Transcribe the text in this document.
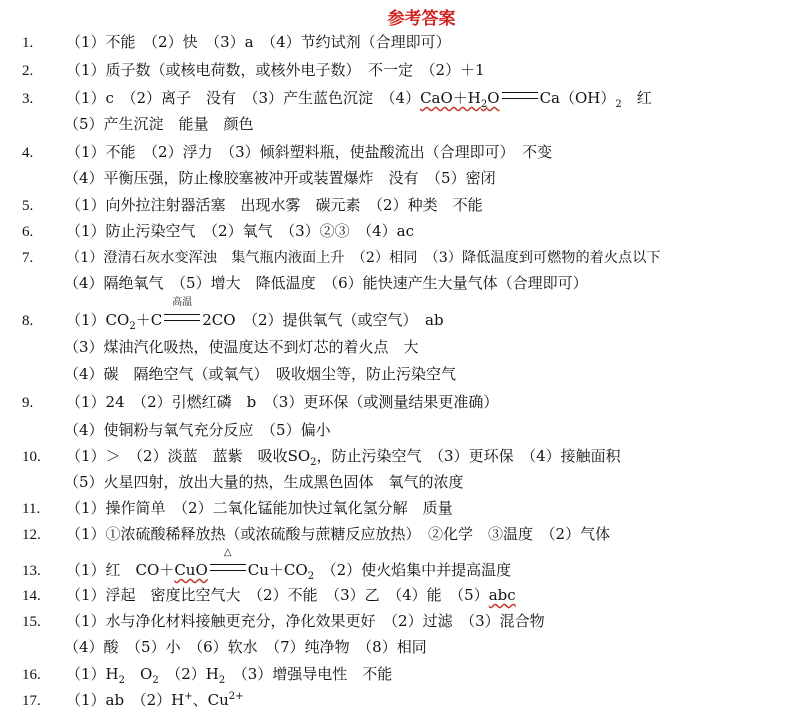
参考答案
1. （1）不能　（2）快　（3）a　（4）节约试剂（合理即可）
2. （1）质子数（或核电荷数，或核外电子数）　不一定　（2）＋1
3. （1）c　（2）离子　没有　（3）产生蓝色沉淀　$(4)CaO+H_2O$	$Ca(OH)_2$　红
（5）产生沉淀　能量　颜色
4. （1）不能　（2）浮力　（3）倾斜塑料瓶，使盐酸流出（合理即可）　不变
（4）平衡压强，防止橡胶塞被冲开或装置爆炸　没有　（5）密闭
5. （1）向外拉注射器活塞　出现水雾　碳元素　（2）种类　不能
6. （1）防止污染空气　（2）氧气　（3）②③　（4）ac
7. （1）澄清石灰水变浑浊　集气瓶内液面上升　（2）相同　（3）降低温度到可燃物的着火点以下
（4）隔绝氧气　（5）增大　降低温度　（6）能快速产生大量气体（合理即可）
8. $(1)CO_2+C$
高温
2CO　（2）提供氧气（或空气）　ab
（3）煤油汽化吸热，使温度达不到灯芯的着火点　大
（4）碳　隔绝空气（或氧气）　吸收烟尘等，防止污染空气
9. （1）24　（2）引燃红磷　b　（3）更环保（或测量结果更准确）
（4）使铜粉与氧气充分反应　（5）偏小
10. （1）＞　（2）淡蓝　蓝紫　吸收$SO_2$，防止污染空气　（3）更环保　（4）接触面积
（5）火星四射，放出大量的热，生成黑色固体　氧气的浓度
11. （1）操作简单　（2）二氧化锰能加快过氧化氢分解　质量
12. （1）①浓硫酸稀释放热（或浓硫酸与蔗糖反应放热）　②化学　③温度　（2）气体
13. （1）红　CO＋CuO
△
$Cu+CO_2$　（2）使火焰集中并提高温度
14. （1）浮起　密度比空气大　（2）不能　（3）乙　（4）能　（5）abc
15. （1）水与净化材料接触更充分，净化效果更好　（2）过滤　（3）混合物
（4）酸　（5）小　（6）软水　（7）纯净物　（8）相同
16. $(1)H_2$　$O_2$　$(2)H_2$　（3）增强导电性　不能
17. （1）ab　（2）H+、$Cu^{2+}$
